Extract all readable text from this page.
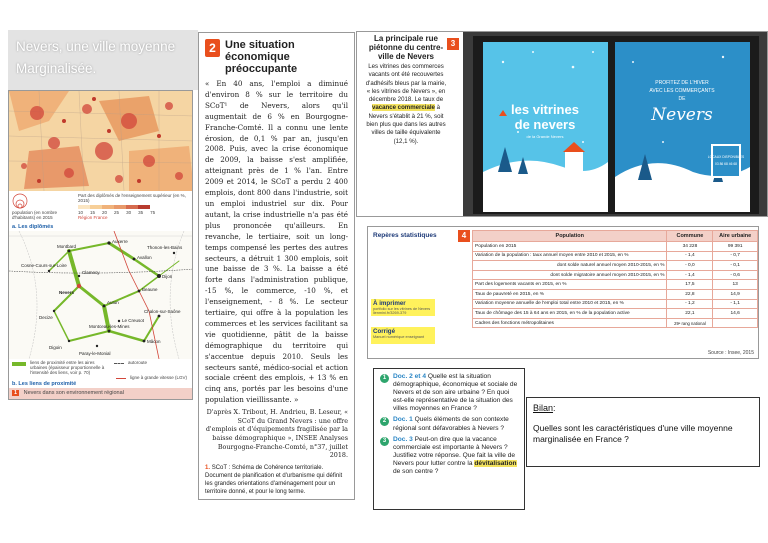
Nevers, une ville moyenne
Marginalisée.
population (en nombre d'habitants) en 2015
Part des diplômés de l'enseignement supérieur (en %, 2015)
10 15 20 25 30 35 75
Région France
a. Les diplômés
Montbard
Auxerre
Avallon
Cosne-Cours-sur-Loire
Clamecy
Dijon
Nevers
Autun
Beaune
Chalon-sur-Saône
Mâcon
Montceau-les-Mines
Le Creusot
Decize
Digoin
Paray-le-Monial
Thonon-les-Bains
liens de proximité entre les aires urbaines (épaisseur proportionnelle à l'intensité des liens, voir p. 70)
autoroute
ligne à grande vitesse (LGV)
b. Les liens de proximité
1 Nevers dans son environnement régional
2 Une situation économique préoccupante

« En 40 ans, l'emploi a diminué d'environ 8 % sur le territoire du SCoT¹ de Nevers, alors qu'il augmentait de 6 % en Bourgogne-Franche-Comté. Il a connu une lente érosion, de 0,1 % par an, jusqu'en 2008. Puis, avec la crise économique de 2009, la baisse s'est amplifiée, atteignant près de 1 % l'an. Entre 2009 et 2014, le SCoT a perdu 2 400 emplois, dont 800 dans l'industrie, soit un emploi industriel sur dix. Pour autant, la crise industrielle n'a pas été plus prononcée qu'ailleurs. En revanche, le tertiaire, soit un long-temps compensé les pertes des autres secteurs, a détruit 1 300 emplois, soit une baisse de 3 %. La baisse a été forte dans l'administration publique, -15 %, le commerce, -10 %, et l'enseignement, - 8 %. Le secteur tertiaire, qui offre à la population les commerces et les services facilitant sa vie quotidienne, pâtit de la baisse démographique du territoire qui s'accentue depuis 2010. Seuls les secteurs santé, médico-social et action sociale créent des emplois, + 13 % en cinq ans, portés par les besoins d'une population vieillissante. »

D'après X. Tribout, H. Andrieu, B. Leseur, « SCoT du Grand Nevers : une offre d'emplois et d'équipements fragilisée par la baisse démographique », INSEE Analyses Bourgogne-Franche-Comté, n°37, juillet 2018.

1. SCoT : Schéma de Cohérence territoriale. Document de planification et d'urbanisme qui définit les grandes orientations d'aménagement pour un territoire donné, et pour le long terme.

La principale rue piétonne du centre-ville de Nevers
Les vitrines des commerces vacants ont été recouvertes d'adhésifs bleus par la mairie, « les vitrines de Nevers », en décembre 2018. Le taux de vacance commerciale à Nevers s'établit à 21 %, soit bien plus que dans les autres villes de taille équivalente (12,1 %).
3
les vitrines
de nevers
de la Grande Nevers
PROFITEZ DE L'HIVER
AVEC LES COMMERÇANTS
DE
Nevers
LOCAUX DISPONIBLES
03 86 68 46 68
Repères statistiques	4	Population	Commune	Aire urbaine
Population en 2015	34 228	99 391
Variation de la population : taux annuel moyen entre 2010 et 2015, en %	- 1,4	- 0,7
dont solde naturel annuel moyen 2010-2015, en %	- 0,0	- 0,1
dont solde migratoire annuel moyen 2010-2015, en %	- 1,4	- 0,6
Part des logements vacants en 2015, en %	17,5	13
Taux de pauvreté en 2015, en %	22,8	14,9
Variation moyenne annuelle de l'emploi total entre 2010 et 2015, en %	- 1,2	- 1,1
Taux de chômage des 15 à 64 ans en 2015, en % de la population active	22,1	14,6
Cadres des fonctions métropolitaines	29ᵉ rang national	
À imprimer
portfolio sur les vitrines de Nevers
lienmini.fr/3269-379
Corrigé
Manuel numérique enseignant
Source : Insee, 2015
1	Doc. 2 et 4 Quelle est la situation démographique, économique et sociale de Nevers et de son aire urbaine ? En quoi est-elle représentative de la situation des villes moyennes en France ?
2	Doc. 1 Quels éléments de son contexte régional sont défavorables à Nevers ?
3	Doc. 3 Peut-on dire que la vacance commerciale est importante à Nevers ? Justifiez votre réponse. Que fait la ville de Nevers pour lutter contre la dévitalisation de son centre ?
Bilan:
Quelles sont les caractéristiques d'une ville moyenne marginalisée en France ?
